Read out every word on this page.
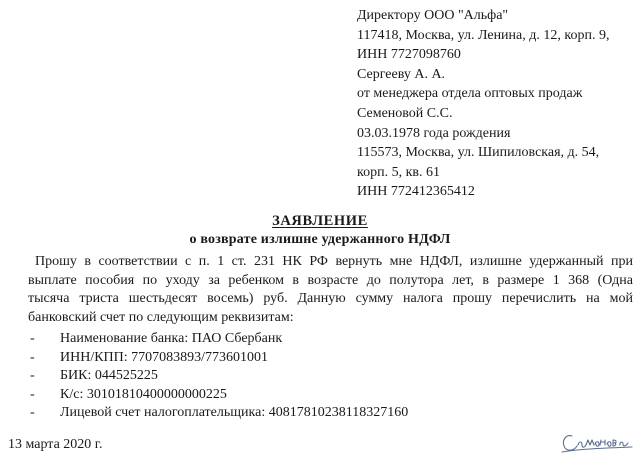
Директору ООО "Альфа"
117418, Москва, ул. Ленина, д. 12, корп. 9,
ИНН 7727098760
Сергееву А. А.
от менеджера отдела оптовых продаж
Семеновой С.С.
03.03.1978 года рождения
115573, Москва, ул. Шипиловская, д. 54,
корп. 5, кв. 61
ИНН 772412365412
ЗАЯВЛЕНИЕ
о возврате излишне удержанного НДФЛ
Прошу в соответствии с п. 1 ст. 231 НК РФ вернуть мне НДФЛ, излишне удержанный при
выплате пособия по уходу за ребенком в возрасте до полутора лет, в размере 1 368 (Одна
тысяча триста шестьдесят восемь) руб. Данную сумму налога прошу перечислить на мой
банковский счет по следующим реквизитам:
- Наименование банка: ПАО Сбербанк
- ИНН/КПП: 7707083893/773601001
- БИК: 044525225
- К/с: 30101810400000000225
- Лицевой счет налогоплательщика: 40817810238118327160
13 марта 2020 г.
